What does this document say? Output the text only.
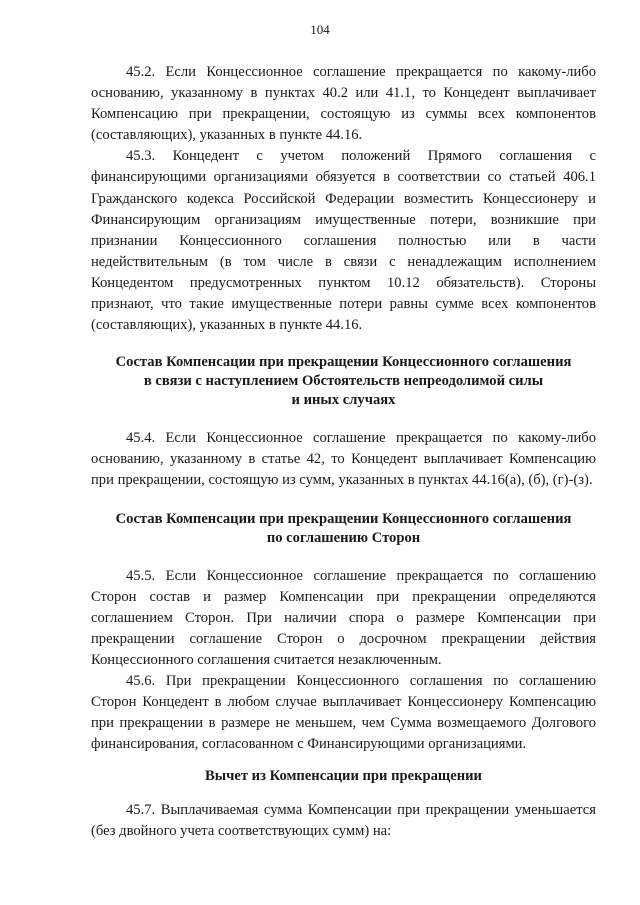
104

45.2. Если Концессионное соглашение прекращается по какому-либо основанию, указанному в пунктах 40.2 или 41.1, то Концедент выплачивает Компенсацию при прекращении, состоящую из суммы всех компонентов (составляющих), указанных в пункте 44.16.

45.3. Концедент с учетом положений Прямого соглашения с финансирующими организациями обязуется в соответствии со статьей 406.1 Гражданского кодекса Российской Федерации возместить Концессионеру и Финансирующим организациям имущественные потери, возникшие при признании Концессионного соглашения полностью или в части недействительным (в том числе в связи с ненадлежащим исполнением Концедентом предусмотренных пунктом 10.12 обязательств). Стороны признают, что такие имущественные потери равны сумме всех компонентов (составляющих), указанных в пункте 44.16.

Состав Компенсации при прекращении Концессионного соглашения
в связи с наступлением Обстоятельств непреодолимой силы
и иных случаях

45.4. Если Концессионное соглашение прекращается по какому-либо основанию, указанному в статье 42, то Концедент выплачивает Компенсацию при прекращении, состоящую из сумм, указанных в пунктах 44.16(а), (б), (г)-(з).

Состав Компенсации при прекращении Концессионного соглашения
по соглашению Сторон

45.5. Если Концессионное соглашение прекращается по соглашению Сторон состав и размер Компенсации при прекращении определяются соглашением Сторон. При наличии спора о размере Компенсации при прекращении соглашение Сторон о досрочном прекращении действия Концессионного соглашения считается незаключенным.

45.6. При прекращении Концессионного соглашения по соглашению Сторон Концедент в любом случае выплачивает Концессионеру Компенсацию при прекращении в размере не меньшем, чем Сумма возмещаемого Долгового финансирования, согласованном с Финансирующими организациями.

Вычет из Компенсации при прекращении

45.7. Выплачиваемая сумма Компенсации при прекращении уменьшается (без двойного учета соответствующих сумм) на:
